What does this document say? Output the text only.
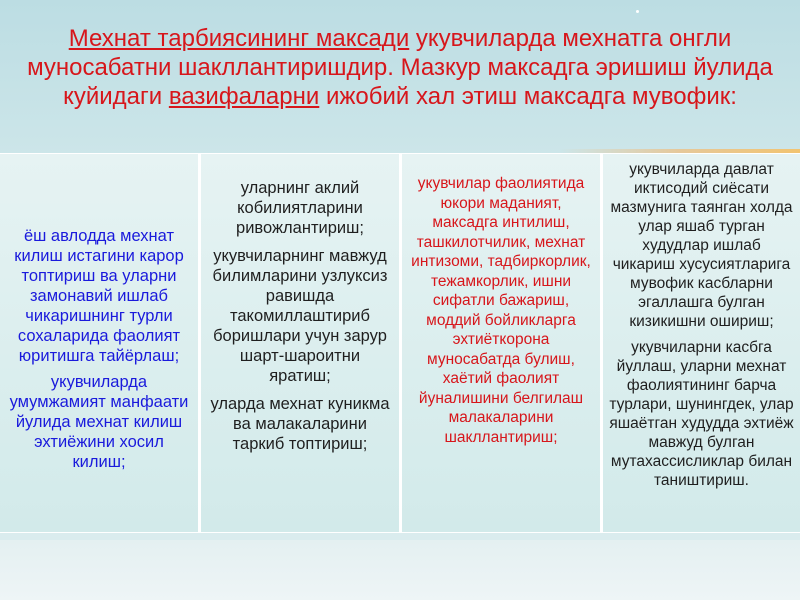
Мехнат тарбиясининг максади укувчиларда мехнатга онгли муносабатни шакллантиришдир. Мазкур максадга эришиш йулида куйидаги вазифаларни ижобий хал этиш максадга мувофик:
ёш авлодда мехнат килиш истагини карор топтириш ва уларни замонавий ишлаб чикаришнинг турли сохаларида фаолият юритишга тайёрлаш;
укувчиларда умумжамият манфаати йулида мехнат килиш эхтиёжини хосил килиш;
уларнинг аклий кобилиятларини ривожлантириш;
укувчиларнинг мавжуд билимларини узлуксиз равишда такомиллаштириб боришлари учун зарур шарт-шароитни яратиш;
уларда мехнат куникма ва малакаларини таркиб топтириш;
укувчилар фаолиятида юкори маданият, максадга интилиш, ташкилотчилик, мехнат интизоми, тадбиркорлик, тежамкорлик, ишни сифатли бажариш, моддий бойликларга эхтиёткорона муносабатда булиш, хаётий фаолият йуналишини белгилаш малакаларини шакллантириш;
укувчиларда давлат иктисодий сиёсати мазмунига таянган холда улар яшаб турган худудлар ишлаб чикариш хусусиятларига мувофик касбларни эгаллашга булган кизикишни ошириш;
укувчиларни касбга йуллаш, уларни мехнат фаолиятининг барча турлари, шунингдек, улар яшаётган худудда эхтиёж мавжуд булган мутахассисликлар билан таништириш.
